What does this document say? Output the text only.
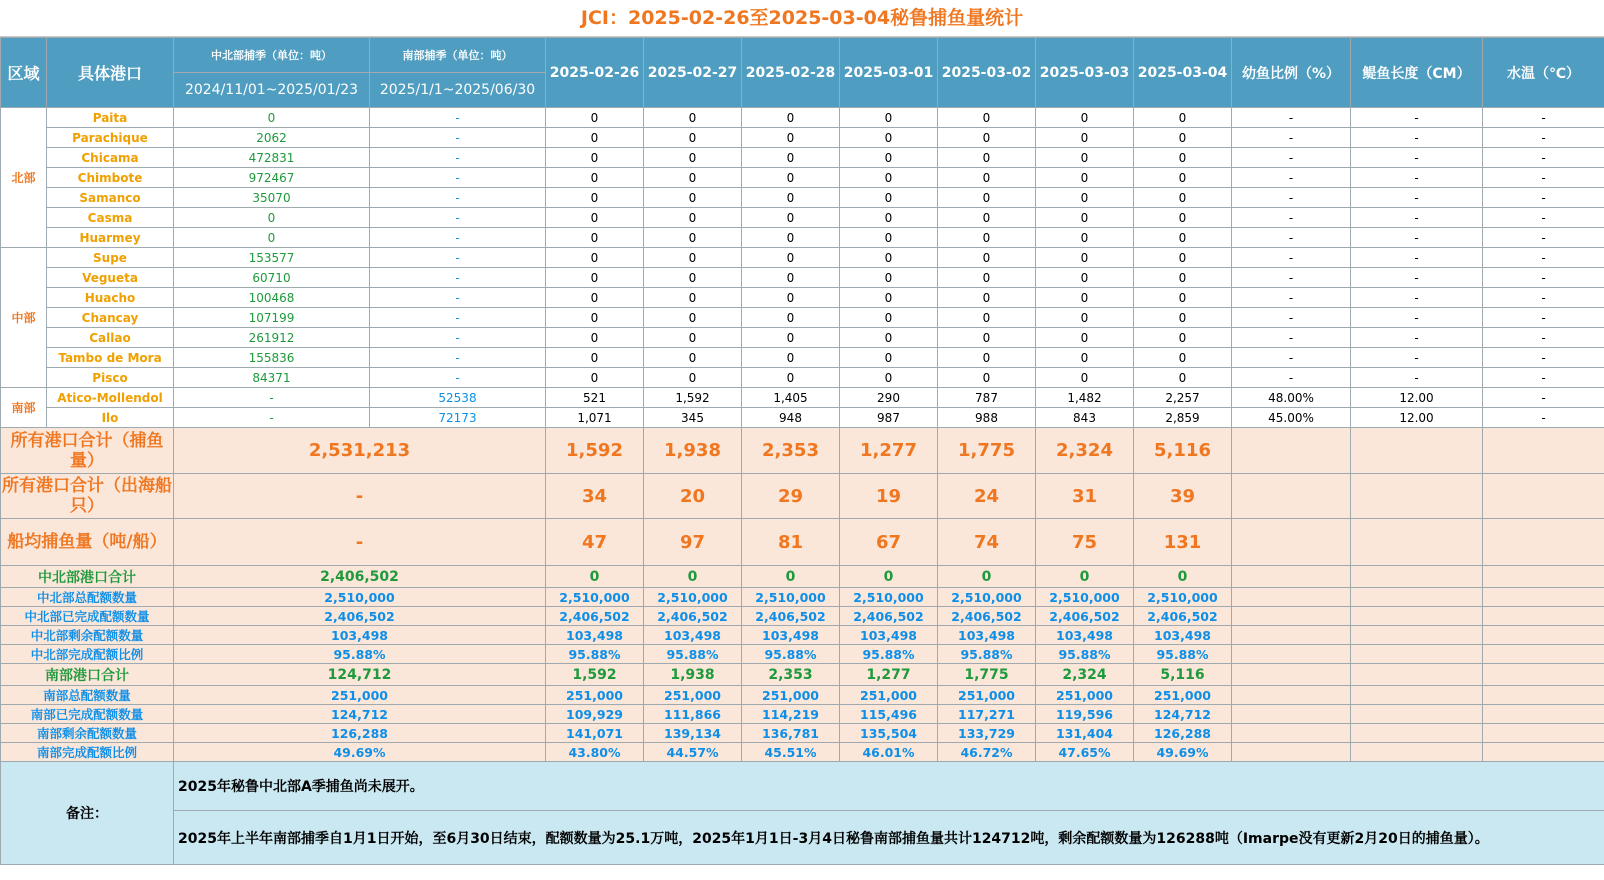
JCI：2025-02-26至2025-03-04秘鲁捕鱼量统计
区域	具体港口	中北部捕季（单位：吨）	南部捕季（单位：吨）	2025-02-26	2025-02-27	2025-02-28	2025-03-01	2025-03-02	2025-03-03	2025-03-04	幼鱼比例（%）	鳀鱼长度（CM）	水温（℃）
		2024/11/01~2025/01/23	2025/1/1~2025/06/30										
北部	Paita	0	-	0	0	0	0	0	0	0	-	-	-
	Parachique	2062	-	0	0	0	0	0	0	0	-	-	-
	Chicama	472831	-	0	0	0	0	0	0	0	-	-	-
	Chimbote	972467	-	0	0	0	0	0	0	0	-	-	-
	Samanco	35070	-	0	0	0	0	0	0	0	-	-	-
	Casma	0	-	0	0	0	0	0	0	0	-	-	-
	Huarmey	0	-	0	0	0	0	0	0	0	-	-	-
中部	Supe	153577	-	0	0	0	0	0	0	0	-	-	-
	Vegueta	60710	-	0	0	0	0	0	0	0	-	-	-
	Huacho	100468	-	0	0	0	0	0	0	0	-	-	-
	Chancay	107199	-	0	0	0	0	0	0	0	-	-	-
	Callao	261912	-	0	0	0	0	0	0	0	-	-	-
	Tambo de Mora	155836	-	0	0	0	0	0	0	0	-	-	-
	Pisco	84371	-	0	0	0	0	0	0	0	-	-	-
南部	Atico-Mollendol	-	52538	521	1,592	1,405	290	787	1,482	2,257	48.00%	12.00	-
	Ilo	-	72173	1,071	345	948	987	988	843	2,859	45.00%	12.00	-
所有港口合计（捕鱼量）		2,531,213		1,592	1,938	2,353	1,277	1,775	2,324	5,116			
所有港口合计（出海船只）		-		34	20	29	19	24	31	39			
船均捕鱼量（吨/船）		-		47	97	81	67	74	75	131			
中北部港口合计		2,406,502		0	0	0	0	0	0	0			
中北部总配额数量		2,510,000		2,510,000	2,510,000	2,510,000	2,510,000	2,510,000	2,510,000	2,510,000			
中北部已完成配额数量		2,406,502		2,406,502	2,406,502	2,406,502	2,406,502	2,406,502	2,406,502	2,406,502			
中北部剩余配额数量		103,498		103,498	103,498	103,498	103,498	103,498	103,498	103,498			
中北部完成配额比例		95.88%		95.88%	95.88%	95.88%	95.88%	95.88%	95.88%	95.88%			
南部港口合计		124,712		1,592	1,938	2,353	1,277	1,775	2,324	5,116			
南部总配额数量		251,000		251,000	251,000	251,000	251,000	251,000	251,000	251,000			
南部已完成配额数量		124,712		109,929	111,866	114,219	115,496	117,271	119,596	124,712			
南部剩余配额数量		126,288		141,071	139,134	136,781	135,504	133,729	131,404	126,288			
南部完成配额比例		49.69%		43.80%	44.57%	45.51%	46.01%	46.72%	47.65%	49.69%			
备注：		2025年秘鲁中北部A季捕鱼尚未展开。											
		2025年上半年南部捕季自1月1日开始，至6月30日结束，配额数量为25.1万吨，2025年1月1日-3月4日秘鲁南部捕鱼量共计124712吨，剩余配额数量为126288吨（Imarpe没有更新2月20日的捕鱼量）。											
